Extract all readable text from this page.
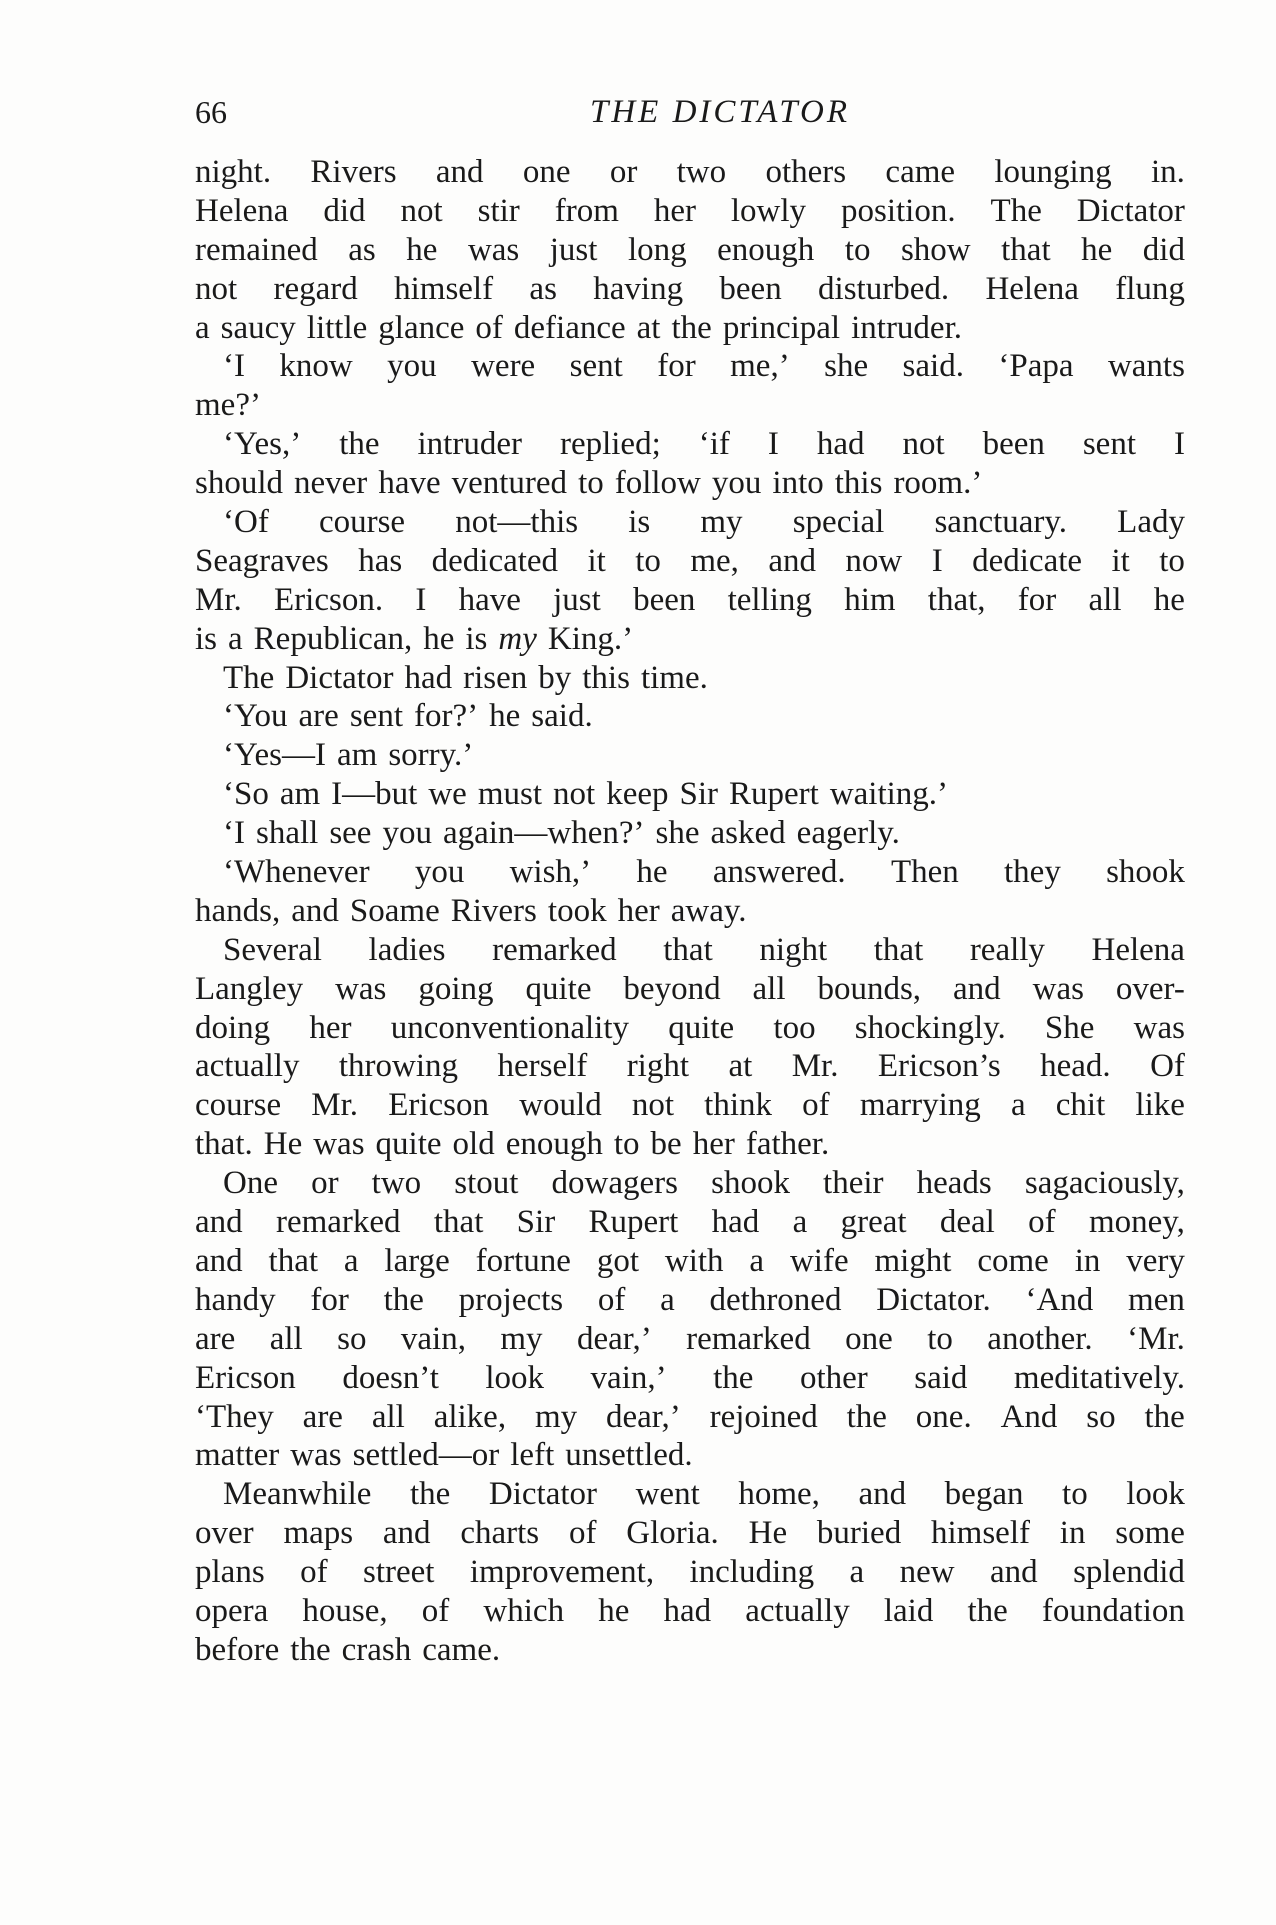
66	THE DICTATOR
night. Rivers and one or two others came lounging in.
Helena did not stir from her lowly position. The Dictator
remained as he was just long enough to show that he did
not regard himself as having been disturbed. Helena flung
a saucy little glance of defiance at the principal intruder.
‘I know you were sent for me,’ she said. ‘Papa wants
me?’
‘Yes,’ the intruder replied; ‘if I had not been sent I
should never have ventured to follow you into this room.’
‘Of course not—this is my special sanctuary. Lady
Seagraves has dedicated it to me, and now I dedicate it to
Mr. Ericson. I have just been telling him that, for all he
is a Republican, he is my King.’
The Dictator had risen by this time.
‘You are sent for?’ he said.
‘Yes—I am sorry.’
‘So am I—but we must not keep Sir Rupert waiting.’
‘I shall see you again—when?’ she asked eagerly.
‘Whenever you wish,’ he answered. Then they shook
hands, and Soame Rivers took her away.
Several ladies remarked that night that really Helena
Langley was going quite beyond all bounds, and was over-
doing her unconventionality quite too shockingly. She was
actually throwing herself right at Mr. Ericson’s head. Of
course Mr. Ericson would not think of marrying a chit like
that. He was quite old enough to be her father.
One or two stout dowagers shook their heads sagaciously,
and remarked that Sir Rupert had a great deal of money,
and that a large fortune got with a wife might come in very
handy for the projects of a dethroned Dictator. ‘And men
are all so vain, my dear,’ remarked one to another. ‘Mr.
Ericson doesn’t look vain,’ the other said meditatively.
‘They are all alike, my dear,’ rejoined the one. And so the
matter was settled—or left unsettled.
Meanwhile the Dictator went home, and began to look
over maps and charts of Gloria. He buried himself in some
plans of street improvement, including a new and splendid
opera house, of which he had actually laid the foundation
before the crash came.
